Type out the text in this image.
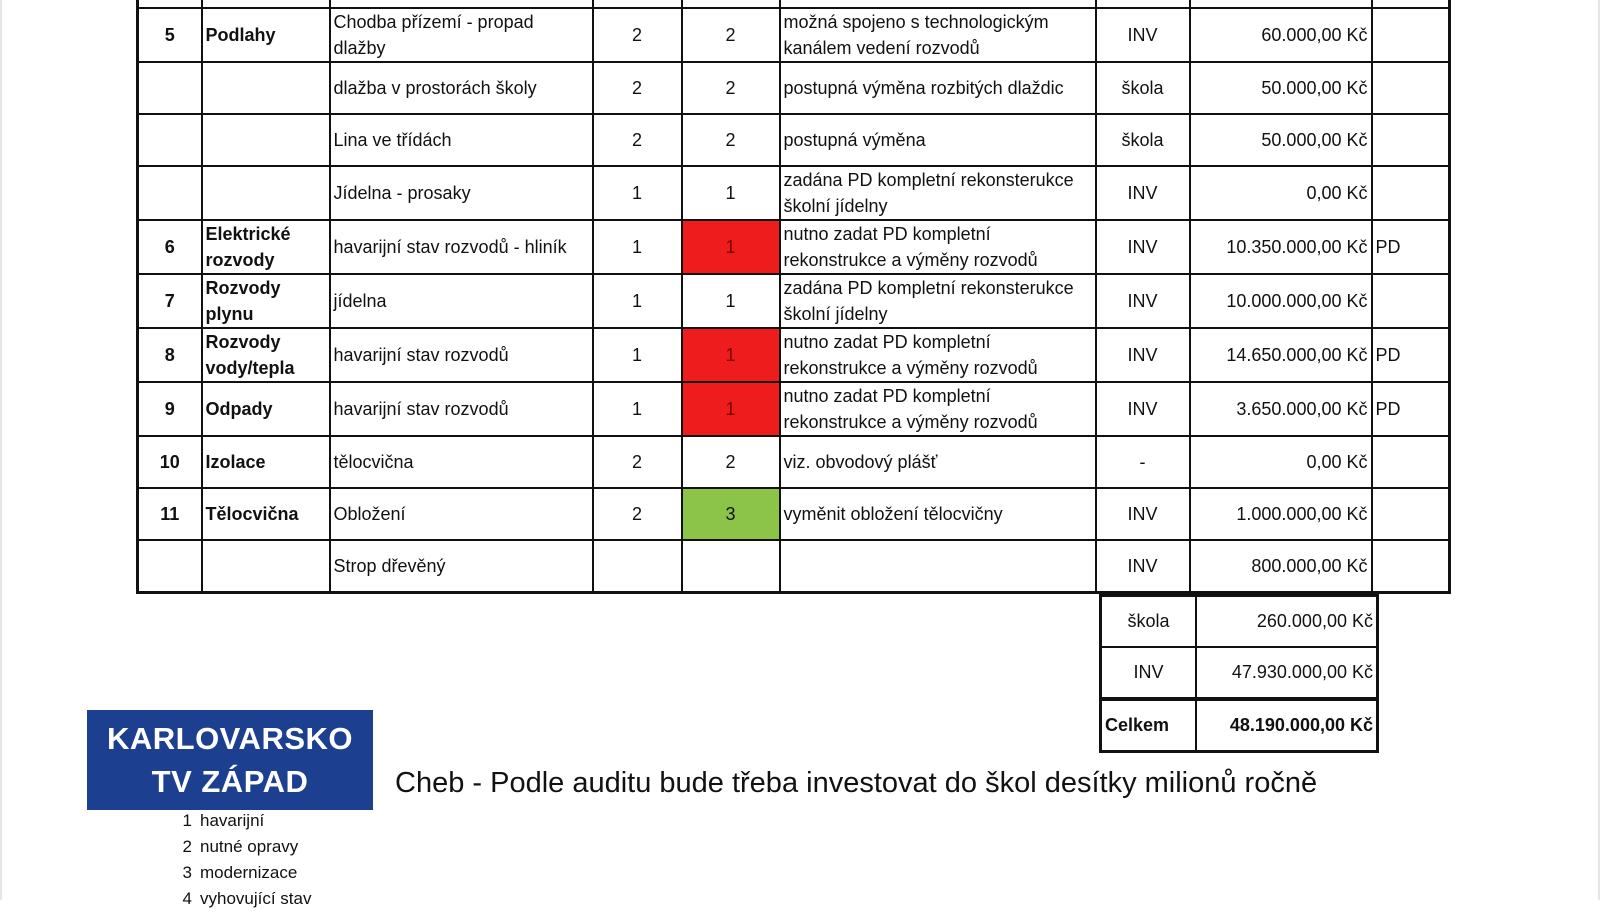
5	Podlahy	Chodba přízemí - propad dlažby	2	2	možná spojeno s technologickým kanálem vedení rozvodů	INV	60.000,00 Kč	
		dlažba v prostorách školy	2	2	postupná výměna rozbitých dlaždic	škola	50.000,00 Kč	
		Lina ve třídách	2	2	postupná výměna	škola	50.000,00 Kč	
		Jídelna - prosaky	1	1	zadána PD kompletní rekonsterukce školní jídelny	INV	0,00 Kč	
6	Elektrické rozvody	havarijní stav rozvodů - hliník	1	1	nutno zadat PD kompletní rekonstrukce a výměny rozvodů	INV	10.350.000,00 Kč	PD
7	Rozvody plynu	jídelna	1	1	zadána PD kompletní rekonsterukce školní jídelny	INV	10.000.000,00 Kč	
8	Rozvody vody/tepla	havarijní stav rozvodů	1	1	nutno zadat PD kompletní rekonstrukce a výměny rozvodů	INV	14.650.000,00 Kč	PD
9	Odpady	havarijní stav rozvodů	1	1	nutno zadat PD kompletní rekonstrukce a výměny rozvodů	INV	3.650.000,00 Kč	PD
10	Izolace	tělocvična	2	2	viz. obvodový plášť	-	0,00 Kč	
11	Tělocvična	Obložení	2	3	vyměnit obložení tělocvičny	INV	1.000.000,00 Kč	
		Strop dřevěný				INV	800.000,00 Kč	
škola	260.000,00 Kč
INV	47.930.000,00 Kč
Celkem	48.190.000,00 Kč
KARLOVARSKO
TV ZÁPAD	Cheb - Podle auditu bude třeba investovat do škol desítky milionů ročně
1 havarijní
2 nutné opravy
3 modernizace
4 vyhovující stav
